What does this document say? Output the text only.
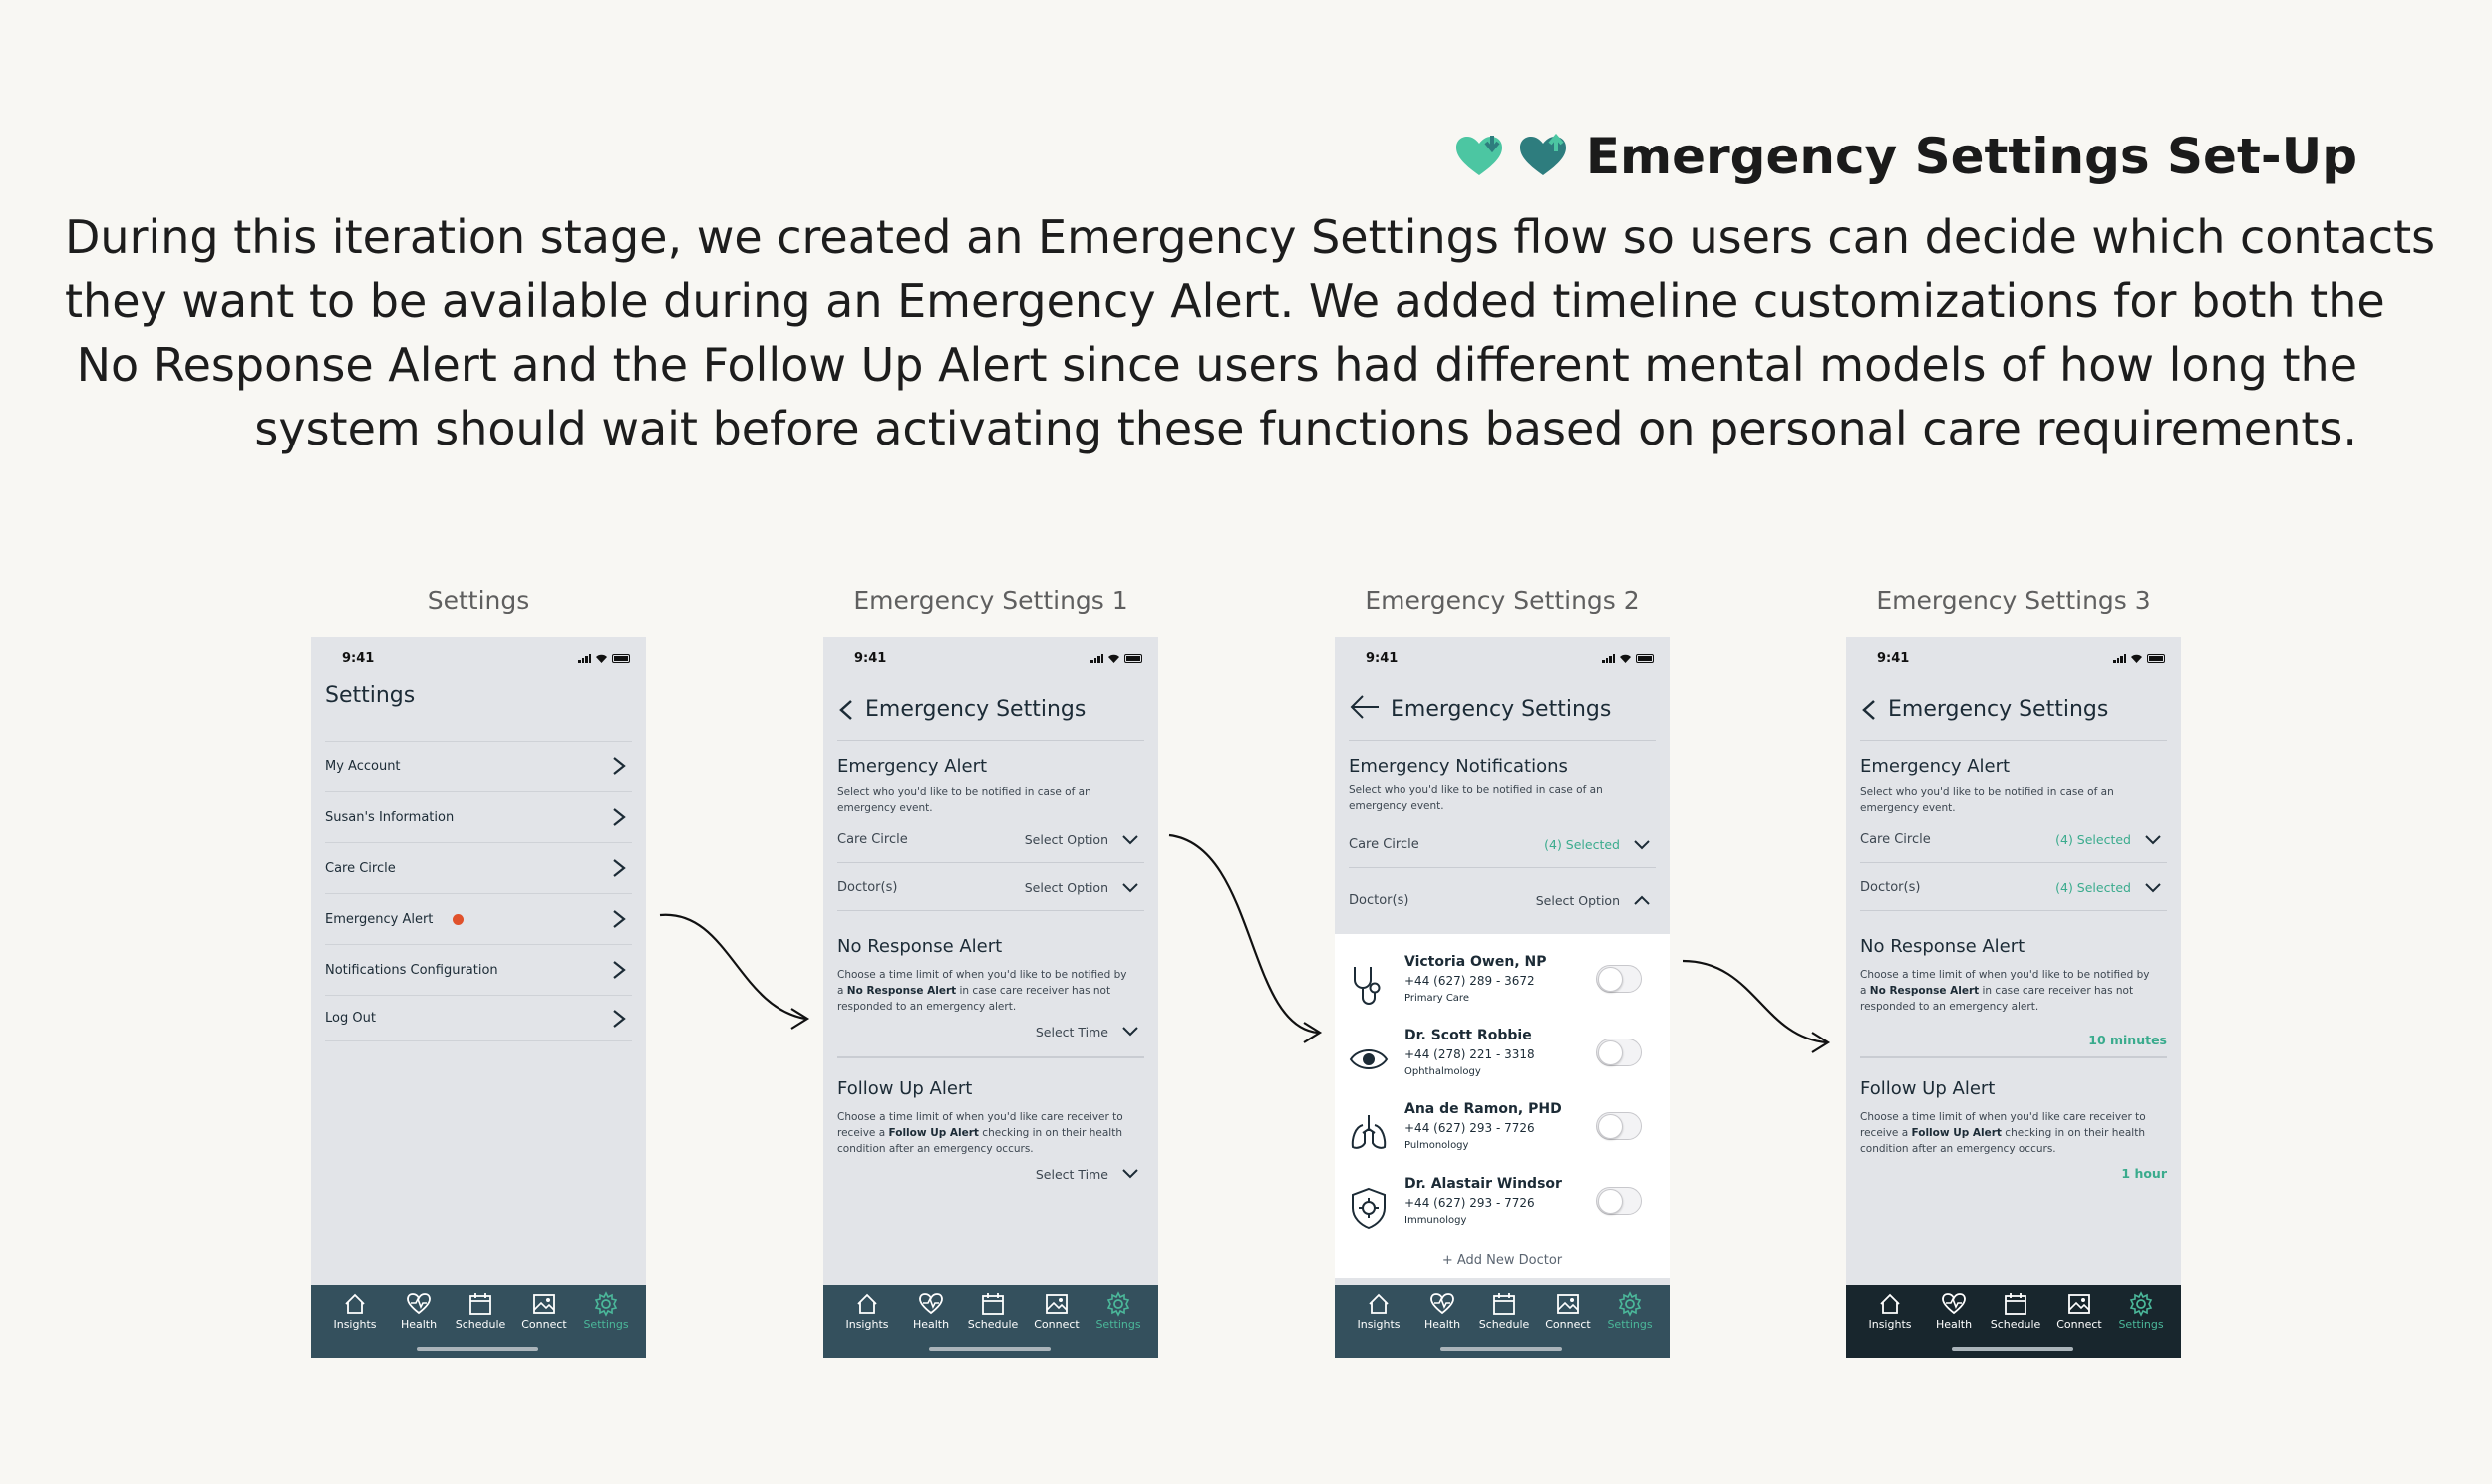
Emergency Settings Set-Up
During this iteration stage, we created an Emergency Settings flow so users can decide which contacts
they want to be available during an Emergency Alert. We added timeline customizations for both the
No Response Alert and the Follow Up Alert since users had different mental models of how long the
system should wait before activating these functions based on personal care requirements.
Settings
9:41
Settings
My Account
Susan's Information
Care Circle
Emergency Alert
Notifications Configuration
Log Out
Insights	Health	Schedule	Connect	Settings
Emergency Settings 1
9:41
Emergency Settings
Emergency Alert
Select who you'd like to be notified in case of an emergency event.
Care Circle	Select Option
Doctor(s)	Select Option
No Response Alert
Choose a time limit of when you'd like to be notified by a No Response Alert in case care receiver has not responded to an emergency alert.
Select Time
Follow Up Alert
Choose a time limit of when you'd like care receiver to receive a Follow Up Alert checking in on their health condition after an emergency occurs.
Select Time
Insights	Health	Schedule	Connect	Settings
Emergency Settings 2
9:41
Emergency Settings
Emergency Notifications
Select who you'd like to be notified in case of an emergency event.
Care Circle	(4) Selected
Doctor(s)	Select Option
Victoria Owen, NP
+44 (627) 289 - 3672
Primary Care
Dr. Scott Robbie
+44 (278) 221 - 3318
Ophthalmology
Ana de Ramon, PHD
+44 (627) 293 - 7726
Pulmonology
Dr. Alastair Windsor
+44 (627) 293 - 7726
Immunology
+ Add New Doctor
Insights	Health	Schedule	Connect	Settings
Emergency Settings 3
9:41
Emergency Settings
Emergency Alert
Select who you'd like to be notified in case of an emergency event.
Care Circle	(4) Selected
Doctor(s)	(4) Selected
No Response Alert
Choose a time limit of when you'd like to be notified by a No Response Alert in case care receiver has not responded to an emergency alert.
10 minutes
Follow Up Alert
Choose a time limit of when you'd like care receiver to receive a Follow Up Alert checking in on their health condition after an emergency occurs.
1 hour
Insights	Health	Schedule	Connect	Settings
